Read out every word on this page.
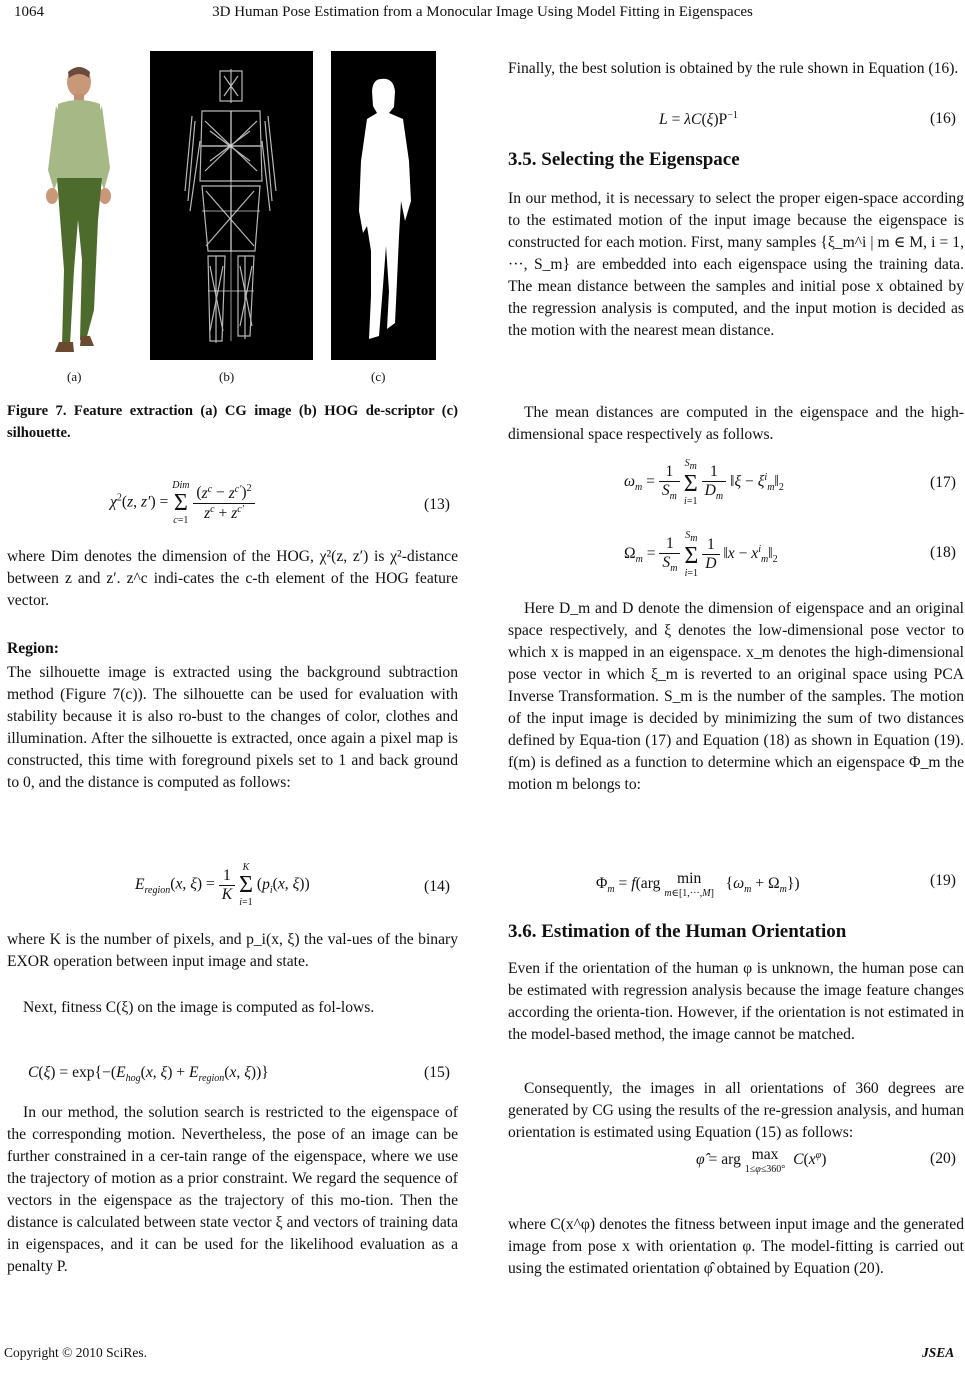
1064	3D Human Pose Estimation from a Monocular Image Using Model Fitting in Eigenspaces
(a)	(b)	(c)
Figure 7. Feature extraction (a) CG image (b) HOG de-scriptor (c) silhouette.
$\chi^2(z$, z′) = Dim
Σ
$c=1 \frac{(z^c - z^{c'})^2}{z^c + z^{c'}}$	(13)
where Dim denotes the dimension of the HOG, χ²(z, z′) is χ²-distance between z and z′. z^c indi-cates the c-th element of the HOG feature vector.
Region:
The silhouette image is extracted using the background subtraction method (Figure 7(c)). The silhouette can be used for evaluation with stability because it is also ro-bust to the changes of color, clothes and illumination. After the silhouette is extracted, once again a pixel map is constructed, this time with foreground pixels set to 1 and back ground to 0, and the distance is computed as follows:
$E_{region}(x$, $\xi) = \frac{1}{K}$ K
Σ
i=1 ($p_i(x$, ξ))	(14)
where K is the number of pixels, and p_i(x, ξ) the val-ues of the binary EXOR operation between input image and state.
Next, fitness C(ξ) on the image is computed as fol-lows.
$C(\xi) = \exp\{-(E_{hog}(x$, $\xi) + E_{region}(x$, ξ))}	(15)
In our method, the solution search is restricted to the eigenspace of the corresponding motion. Nevertheless, the pose of an image can be further constrained in a cer-tain range of the eigenspace, where we use the trajectory of motion as a prior constraint. We regard the sequence of vectors in the eigenspace as the trajectory of this mo-tion. Then the distance is calculated between state vector ξ and vectors of training data in eigenspaces, and it can be used for the likelihood evaluation as a penalty P.
Finally, the best solution is obtained by the rule shown in Equation (16).
$L = \lambda C(\xi)P^{-1}$	(16)
3.5. Selecting the Eigenspace
In our method, it is necessary to select the proper eigen-space according to the estimated motion of the input image because the eigenspace is constructed for each motion. First, many samples {ξ_m^i | m ∈ M, i = 1, ···, S_m} are embedded into each eigenspace using the training data. The mean distance between the samples and initial pose x obtained by the regression analysis is computed, and the input motion is decided as the motion with the nearest mean distance.
The mean distances are computed in the eigenspace and the high-dimensional space respectively as follows.
$\omega_m = \frac{1}{S_m} S_m$
Σ
$i=1 \frac{1}{D_m}$ ‖ξ − $\xi^i_m‖_2$	(17)
$\Omega_m = \frac{1}{S_m} S_m$
Σ
i=1
$\frac{1}{D}$ ‖x − $x^i_m‖_2$	(18)
Here D_m and D denote the dimension of eigenspace and an original space respectively, and ξ denotes the low-dimensional pose vector to which x is mapped in an eigenspace. x_m denotes the high-dimensional pose vector in which ξ_m is reverted to an original space using PCA Inverse Transformation. S_m is the number of the samples. The motion of the input image is decided by minimizing the sum of two distances defined by Equa-tion (17) and Equation (18) as shown in Equation (19). f(m) is defined as a function to determine which an eigenspace Φ_m the motion m belongs to:
$\Phi_m = f(arg$ min
m∈[1,···,M]   $\{\omega_m + \Omega_m\}$)	(19)
3.6. Estimation of the Human Orientation
Even if the orientation of the human φ is unknown, the human pose can be estimated with regression analysis because the image feature changes according the orienta-tion. However, if the orientation is not estimated in the model-based method, the image cannot be matched.
Consequently, the images in all orientations of 360 degrees are generated by CG using the results of the re-gression analysis, and human orientation is estimated using Equation (15) as follows:
φ̂ = arg max
1≤φ≤360°  $C(x^\varphi)$	(20)
where C(x^φ) denotes the fitness between input image and the generated image from pose x with orientation φ. The model-fitting is carried out using the estimated orientation φ̂ obtained by Equation (20).
Copyright © 2010 SciRes.	JSEA
